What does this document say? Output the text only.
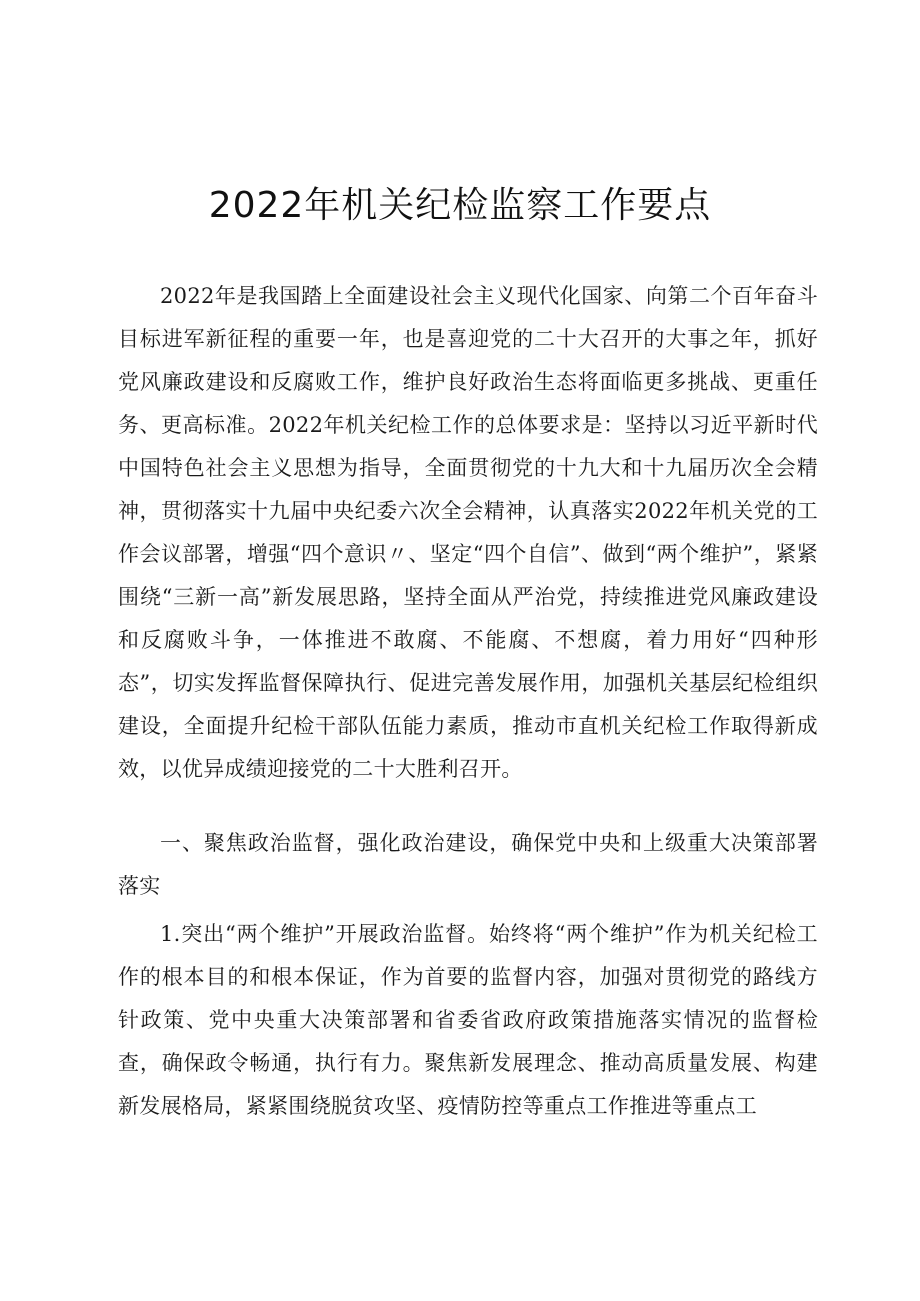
2022年机关纪检监察工作要点

2022年是我国踏上全面建设社会主义现代化国家、向第二个百年奋斗目标进军新征程的重要一年，也是喜迎党的二十大召开的大事之年，抓好党风廉政建设和反腐败工作，维护良好政治生态将面临更多挑战、更重任务、更高标准。2022年机关纪检工作的总体要求是：坚持以习近平新时代中国特色社会主义思想为指导，全面贯彻党的十九大和十九届历次全会精神，贯彻落实十九届中央纪委六次全会精神，认真落实2022年机关党的工作会议部署，增强“四个意识〃、坚定“四个自信”、做到“两个维护”，紧紧围绕“三新一高”新发展思路，坚持全面从严治党，持续推进党风廉政建设和反腐败斗争，一体推进不敢腐、不能腐、不想腐，着力用好“四种形态”，切实发挥监督保障执行、促进完善发展作用，加强机关基层纪检组织建设，全面提升纪检干部队伍能力素质，推动市直机关纪检工作取得新成效，以优异成绩迎接党的二十大胜利召开。

一、聚焦政治监督，强化政治建设，确保党中央和上级重大决策部署落实

1.突出“两个维护”开展政治监督。始终将“两个维护”作为机关纪检工作的根本目的和根本保证，作为首要的监督内容，加强对贯彻党的路线方针政策、党中央重大决策部署和省委省政府政策措施落实情况的监督检查，确保政令畅通，执行有力。聚焦新发展理念、推动高质量发展、构建新发展格局，紧紧围绕脱贫攻坚、疫情防控等重点工作推进等重点工
